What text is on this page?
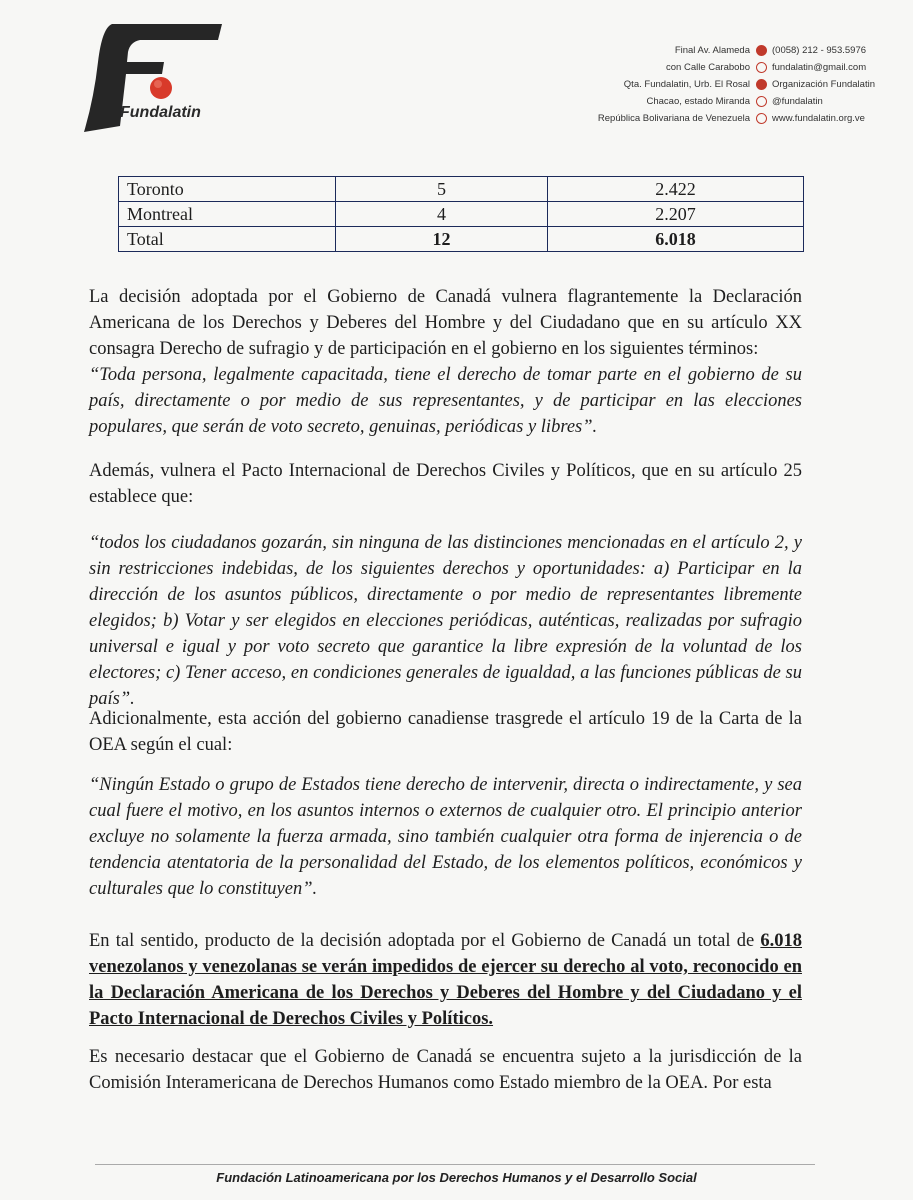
Fundalatin
Final Av. Alameda	(0058) 212 - 953.5976
con Calle Carabobo	fundalatin@gmail.com
Qta. Fundalatin, Urb. El Rosal	Organización Fundalatin
Chacao, estado Miranda	@fundalatin
República Bolivariana de Venezuela	www.fundalatin.org.ve
Toronto	5	2.422
Montreal	4	2.207
Total	12	6.018

La decisión adoptada por el Gobierno de Canadá vulnera flagrantemente la Declaración Americana de los Derechos y Deberes del Hombre y del Ciudadano que en su artículo XX consagra Derecho de sufragio y de participación en el gobierno en los siguientes términos:

“Toda persona, legalmente capacitada, tiene el derecho de tomar parte en el gobierno de su país, directamente o por medio de sus representantes, y de participar en las elecciones populares, que serán de voto secreto, genuinas, periódicas y libres”.

Además, vulnera el Pacto Internacional de Derechos Civiles y Políticos, que en su artículo 25 establece que:

“todos los ciudadanos gozarán, sin ninguna de las distinciones mencionadas en el artículo 2, y sin restricciones indebidas, de los siguientes derechos y oportunidades: a) Participar en la dirección de los asuntos públicos, directamente o por medio de representantes libremente elegidos; b) Votar y ser elegidos en elecciones periódicas, auténticas, realizadas por sufragio universal e igual y por voto secreto que garantice la libre expresión de la voluntad de los electores; c) Tener acceso, en condiciones generales de igualdad, a las funciones públicas de su país”.

Adicionalmente, esta acción del gobierno canadiense trasgrede el artículo 19 de la Carta de la OEA según el cual:

“Ningún Estado o grupo de Estados tiene derecho de intervenir, directa o indirectamente, y sea cual fuere el motivo, en los asuntos internos o externos de cualquier otro. El principio anterior excluye no solamente la fuerza armada, sino también cualquier otra forma de injerencia o de tendencia atentatoria de la personalidad del Estado, de los elementos políticos, económicos y culturales que lo constituyen”.

En tal sentido, producto de la decisión adoptada por el Gobierno de Canadá un total de 6.018 venezolanos y venezolanas se verán impedidos de ejercer su derecho al voto, reconocido en la Declaración Americana de los Derechos y Deberes del Hombre y del Ciudadano y el Pacto Internacional de Derechos Civiles y Políticos.

Es necesario destacar que el Gobierno de Canadá se encuentra sujeto a la jurisdicción de la Comisión Interamericana de Derechos Humanos como Estado miembro de la OEA. Por esta

Fundación Latinoamericana por los Derechos Humanos y el Desarrollo Social
